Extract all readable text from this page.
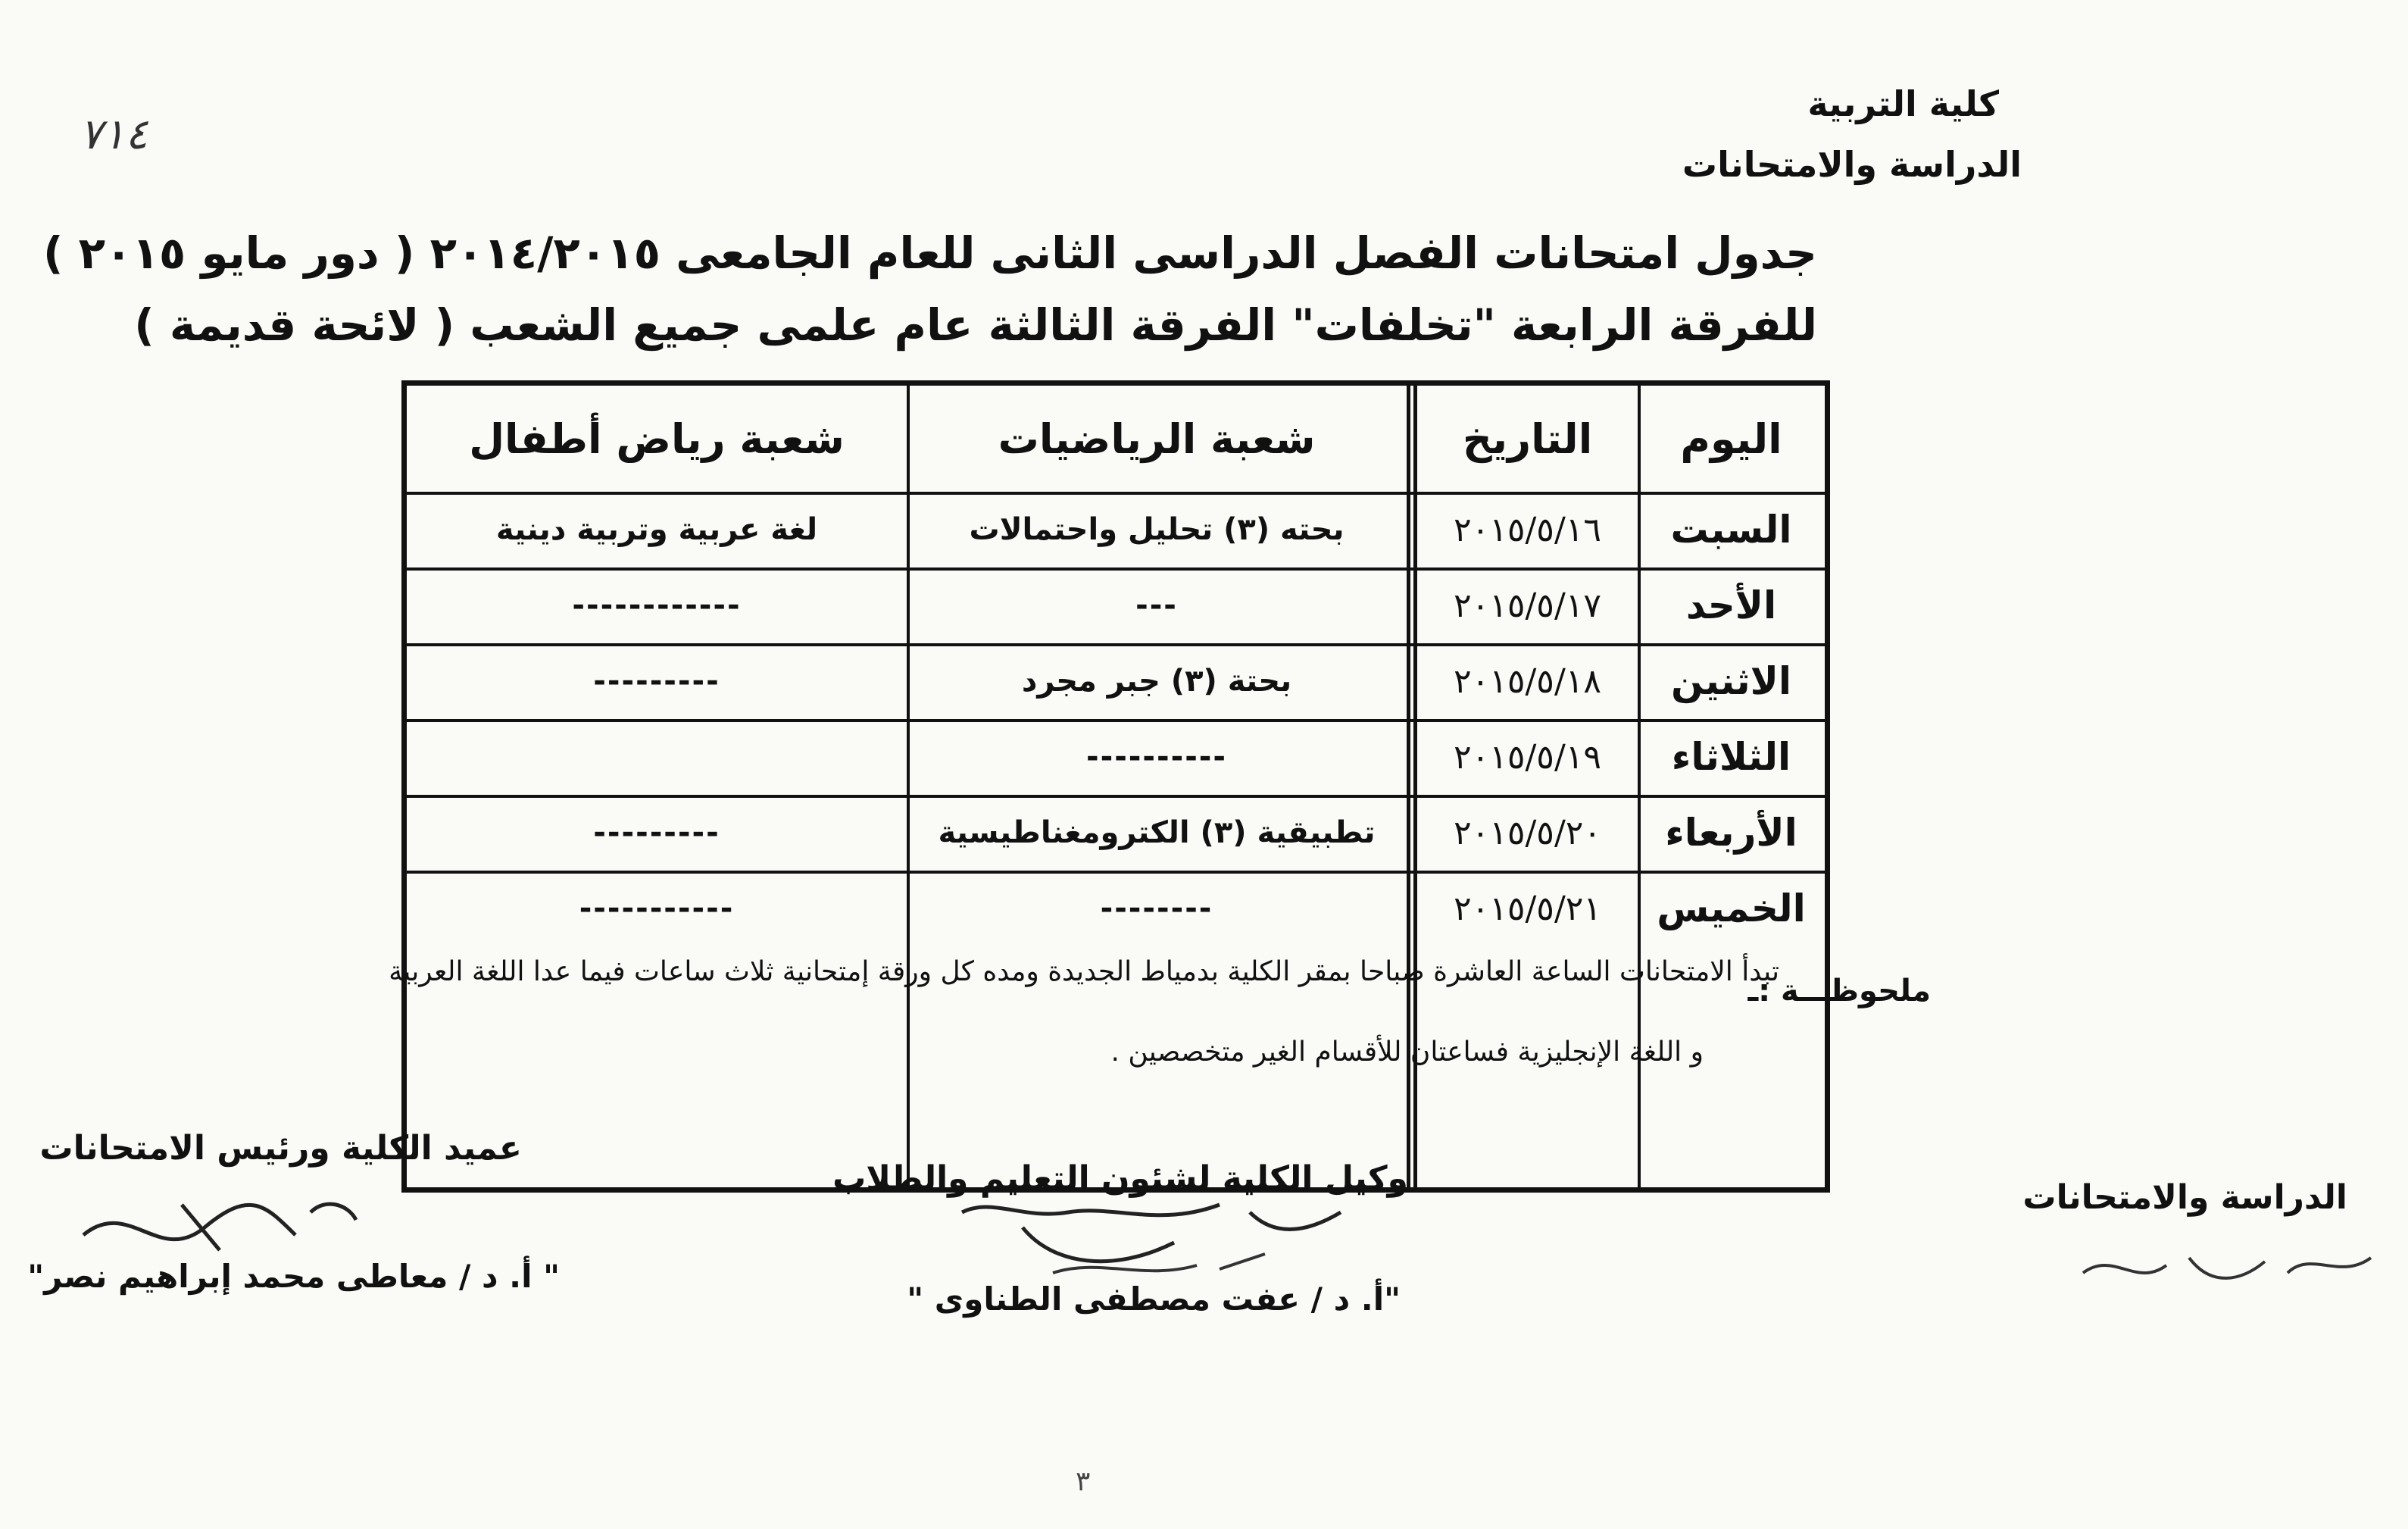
٧١٤
كلية التربية
الدراسة والامتحانات
جدول امتحانات الفصل الدراسى الثانى للعام الجامعى ٢٠١٤/٢٠١٥ ( دور مايو ٢٠١٥ )
للفرقة الرابعة "تخلفات" الفرقة الثالثة عام علمى جميع الشعب ( لائحة قديمة )
اليوم
التاريخ
شعبة الرياضيات
شعبة رياض أطفال
السبت
٢٠١٥/٥/١٦
بحته (٣) تحليل واحتمالات
لغة عربية وتربية دينية
الأحد
٢٠١٥/٥/١٧
---
------------
الاثنين
٢٠١٥/٥/١٨
بحتة (٣) جبر مجرد
---------
الثلاثاء
٢٠١٥/٥/١٩
----------
الأربعاء
٢٠١٥/٥/٢٠
تطبيقية (٣) الكترومغناطيسية
---------
الخميس
٢٠١٥/٥/٢١
--------
-----------
ملحوظـــة :ـ
تبدأ الامتحانات الساعة العاشرة صباحا بمقر الكلية بدمياط الجديدة ومده كل ورقة إمتحانية ثلاث ساعات فيما عدا اللغة العربية
و اللغة الإنجليزية فساعتان للأقسام الغير متخصصين .
عميد الكلية ورئيس الامتحانات
" أ. د / معاطى محمد إبراهيم نصر"
وكيل الكلية لشئون التعليم والطلاب
"أ. د / عفت مصطفى الطناوى "
الدراسة والامتحانات
٣
